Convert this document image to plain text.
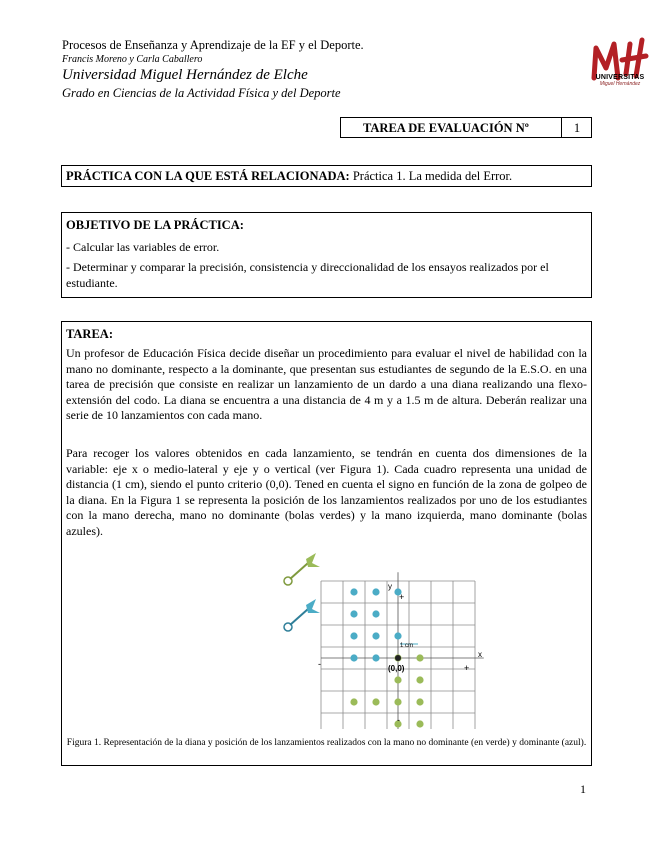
Procesos de Enseñanza y Aprendizaje de la EF y el Deporte.
Francis Moreno y Carla Caballero
Universidad Miguel Hernández de Elche
Grado en Ciencias de la Actividad Física y del Deporte
UNIVERSITAS
Miguel Hernández
TAREA DE EVALUACIÓN Nº	1
PRÁCTICA CON LA QUE ESTÁ RELACIONADA: Práctica 1. La medida del Error.
OBJETIVO DE LA PRÁCTICA:
- Calcular las variables de error.
- Determinar y comparar la precisión, consistencia y direccionalidad de los ensayos realizados por el estudiante.
TAREA:
Un profesor de Educación Física decide diseñar un procedimiento para evaluar el nivel de habilidad con la mano no dominante, respecto a la dominante, que presentan sus estudiantes de segundo de la E.S.O. en una tarea de precisión que consiste en realizar un lanzamiento de un dardo a una diana realizando una flexo-extensión del codo. La diana se encuentra a una distancia de 4 m y a 1.5 m de altura. Deberán realizar una serie de 10 lanzamientos con cada mano.
Para recoger los valores obtenidos en cada lanzamiento, se tendrán en cuenta dos dimensiones de la variable: eje x o medio-lateral y eje y o vertical (ver Figura 1). Cada cuadro representa una unidad de distancia (1 cm), siendo el punto criterio (0,0). Tened en cuenta el signo en función de la zona de golpeo de la diana. En la Figura 1 se representa la posición de los lanzamientos realizados por uno de los estudiantes con la mano derecha, mano no dominante (bolas verdes) y la mano izquierda, mano dominante (bolas azules).
y
+
x
+
-
-
(0,0)
1 cm
Figura 1. Representación de la diana y posición de los lanzamientos realizados con la mano no dominante (en verde) y dominante (azul).
1
